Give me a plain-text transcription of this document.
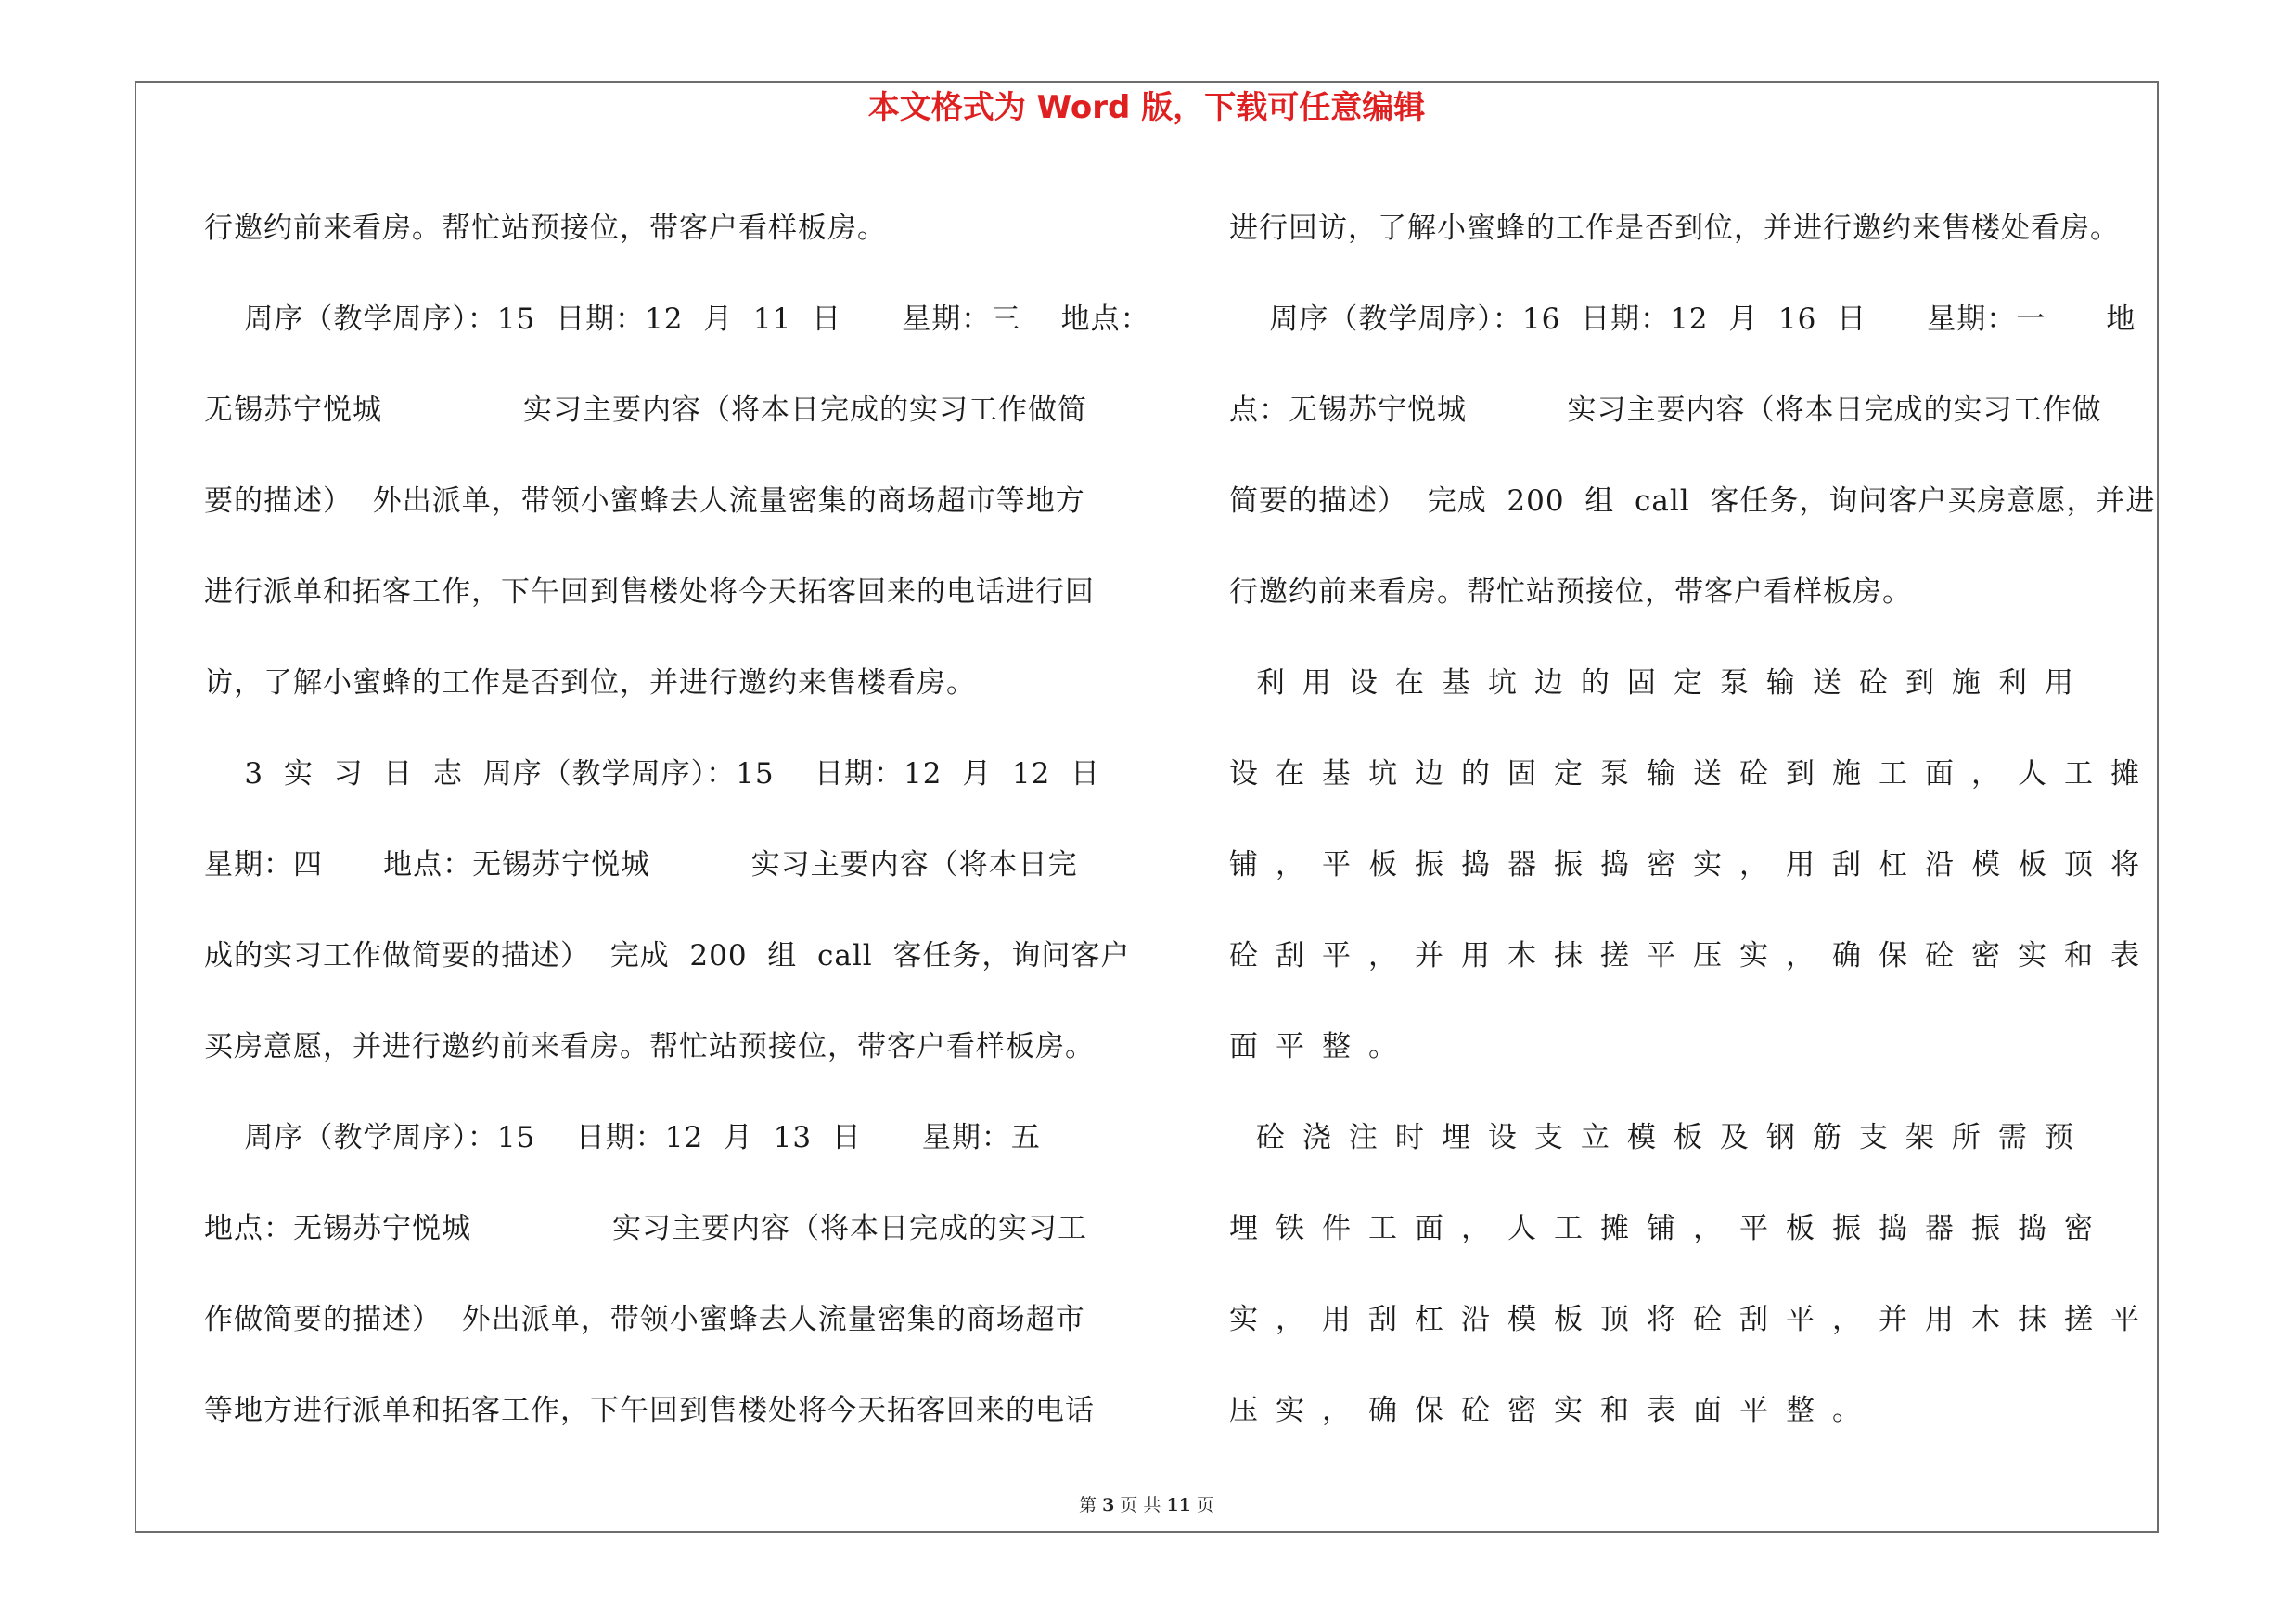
本文格式为 Word 版，下载可任意编辑
行邀约前来看房。帮忙站预接位，带客户看样板房。
周序（教学周序）：15  日期：12  月  11  日      星期：三    地点：
无锡苏宁悦城              实习主要内容（将本日完成的实习工作做简
要的描述）  外出派单，带领小蜜蜂去人流量密集的商场超市等地方
进行派单和拓客工作，下午回到售楼处将今天拓客回来的电话进行回
访，了解小蜜蜂的工作是否到位，并进行邀约来售楼看房。
3  实  习  日  志  周序（教学周序）：15    日期：12  月  12  日
星期：四      地点：无锡苏宁悦城          实习主要内容（将本日完
成的实习工作做简要的描述）  完成  200  组  call  客任务，询问客户
买房意愿，并进行邀约前来看房。帮忙站预接位，带客户看样板房。
周序（教学周序）：15    日期：12  月  13  日      星期：五
地点：无锡苏宁悦城              实习主要内容（将本日完成的实习工
作做简要的描述）  外出派单，带领小蜜蜂去人流量密集的商场超市
等地方进行派单和拓客工作，下午回到售楼处将今天拓客回来的电话
进行回访，了解小蜜蜂的工作是否到位，并进行邀约来售楼处看房。
周序（教学周序）：16  日期：12  月  16  日      星期：一      地
点：无锡苏宁悦城          实习主要内容（将本日完成的实习工作做
简要的描述）  完成  200  组  call  客任务，询问客户买房意愿，并进
行邀约前来看房。帮忙站预接位，带客户看样板房。
利用设在基坑边的固定泵输送砼到施利用
设在基坑边的固定泵输送砼到施工面，人工摊
铺，平板振捣器振捣密实，用刮杠沿模板顶将
砼刮平，并用木抹搓平压实，确保砼密实和表
面平整。
砼浇注时埋设支立模板及钢筋支架所需预
埋铁件工面，人工摊铺，平板振捣器振捣密
实，用刮杠沿模板顶将砼刮平，并用木抹搓平
压实，确保砼密实和表面平整。
第 3 页 共 11 页
